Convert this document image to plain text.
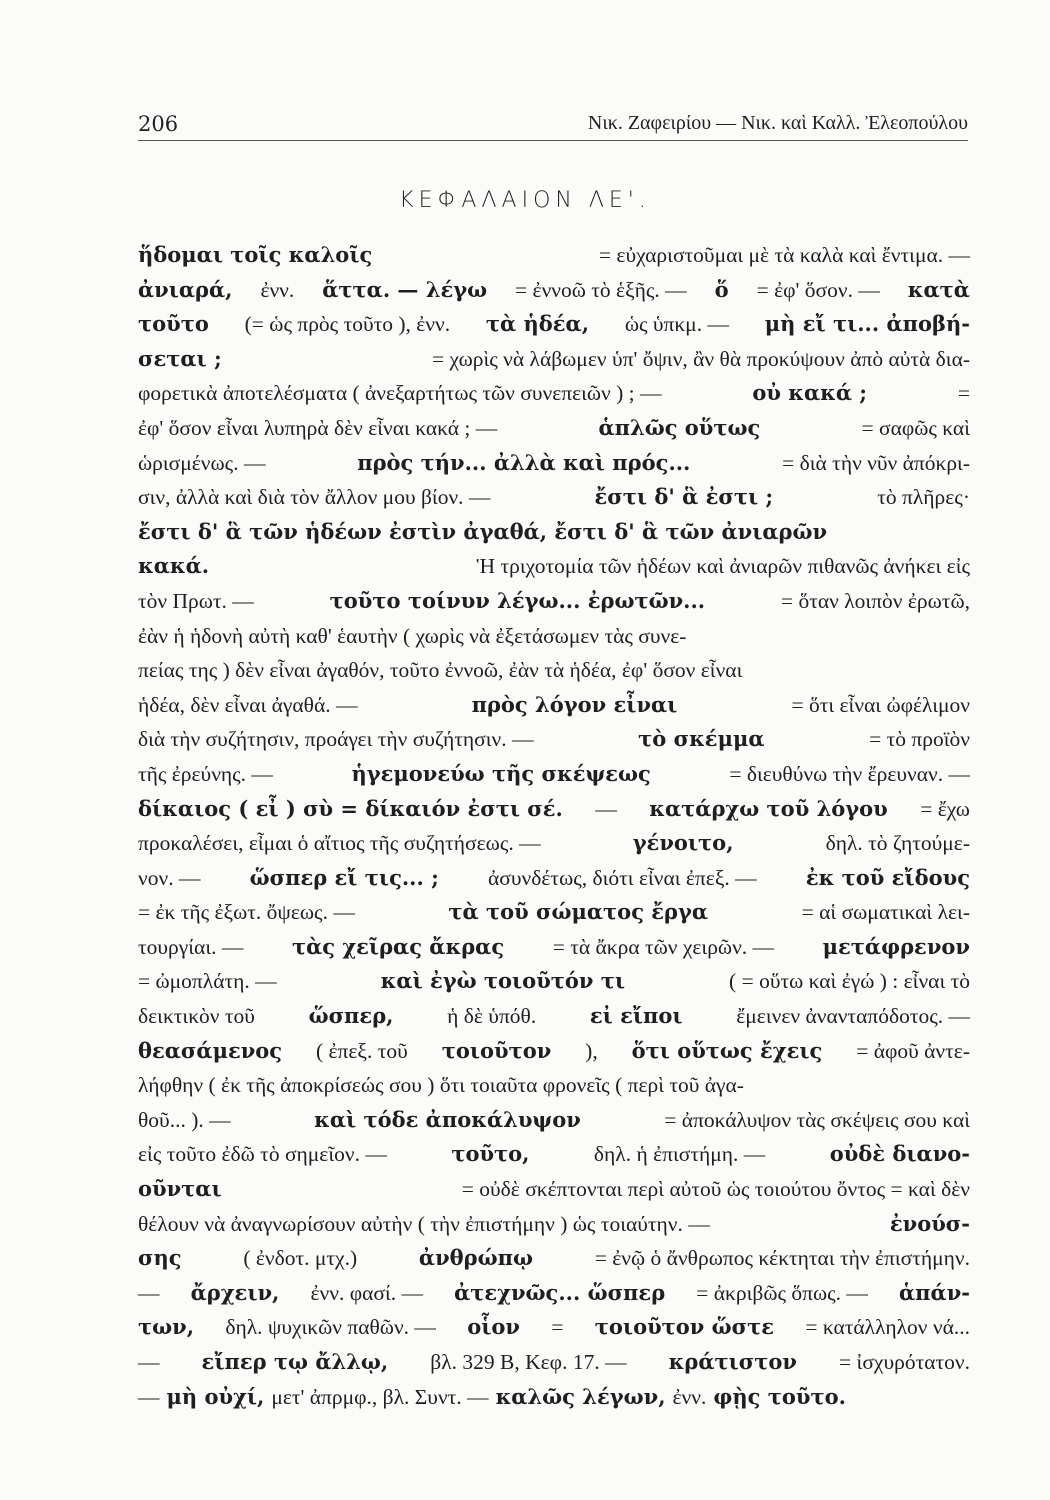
206	Νικ. Ζαφειρίου — Νικ. καὶ Καλλ. Ἐλεοπούλου
ΚΕΦΑΛΑΙΟΝ ΛΕ'.
ἥδομαι τοῖς καλοῖς	= εὐχαριστοῦμαι μὲ τὰ καλὰ καὶ ἔντιμα. —
ἀνιαρά, ἐνν. ἅττα. — λέγω = ἐννοῶ τὸ ἑξῆς. — ὅ = ἐφ' ὅσον. — κατὰ
τοῦτο (= ὡς πρὸς τοῦτο ), ἐνν. τὰ ἡδέα, ὡς ὑπκμ. — μὴ εἴ τι... ἀποβή-
σεται ;	= χωρὶς νὰ λάβωμεν ὑπ' ὄψιν, ἂν θὰ προκύψουν ἀπὸ αὐτὰ δια-
φορετικὰ ἀποτελέσματα ( ἀνεξαρτήτως τῶν συνεπειῶν ) ; —	οὐ κακά ;	=
ἐφ' ὅσον εἶναι λυπηρὰ δὲν εἶναι κακά ; —	ἁπλῶς οὕτως	= σαφῶς καὶ
ὡρισμένως. —	πρὸς τήν... ἀλλὰ καὶ πρός...	= διὰ τὴν νῦν ἀπόκρι-
σιν, ἀλλὰ καὶ διὰ τὸν ἄλλον μου βίον. —	ἔστι δ' ἃ ἐστι ;	τὸ πλῆρες·
ἔστι δ' ἃ τῶν ἡδέων ἐστὶν ἀγαθά, ἔστι δ' ἃ τῶν ἀνιαρῶν
κακά.	Ἡ τριχοτομία τῶν ἡδέων καὶ ἀνιαρῶν πιθανῶς ἀνήκει εἰς
τὸν Πρωτ. —	τοῦτο τοίνυν λέγω... ἐρωτῶν...	= ὅταν λοιπὸν ἐρωτῶ,
ἐὰν ἡ ἡδονὴ αὐτὴ καθ' ἑαυτὴν ( χωρὶς νὰ ἐξετάσωμεν τὰς συνε-
πείας της ) δὲν εἶναι ἀγαθόν, τοῦτο ἐννοῶ, ἐὰν τὰ ἡδέα, ἐφ' ὅσον εἶναι
ἡδέα, δὲν εἶναι ἀγαθά. —	πρὸς λόγον εἶναι	= ὅτι εἶναι ὠφέλιμον
διὰ τὴν συζήτησιν, προάγει τὴν συζήτησιν. —	τὸ σκέμμα	= τὸ προϊὸν
τῆς ἐρεύνης. —	ἡγεμονεύω τῆς σκέψεως	= διευθύνω τὴν ἔρευναν. —
δίκαιος ( εἶ ) σὺ = δίκαιόν ἐστι σέ. — κατάρχω τοῦ λόγου = ἔχω
προκαλέσει, εἶμαι ὁ αἴτιος τῆς συζητήσεως. —	γένοιτο,	δηλ. τὸ ζητούμε-
νον. — ὥσπερ εἴ τις... ; ἀσυνδέτως, διότι εἶναι ἐπεξ. — ἐκ τοῦ εἴδους
= ἐκ τῆς ἐξωτ. ὄψεως. —	τὰ τοῦ σώματος ἔργα	= αἱ σωματικαὶ λει-
τουργίαι. — τὰς χεῖρας ἄκρας = τὰ ἄκρα τῶν χειρῶν. — μετάφρενον
= ὠμοπλάτη. —	καὶ ἐγὼ τοιοῦτόν τι	( = οὕτω καὶ ἐγώ ) : εἶναι τὸ
δεικτικὸν τοῦ	ὥσπερ, ἡ δὲ ὑπόθ.	εἰ εἴποι ἔμεινεν ἀνανταπόδοτος. —
θεασάμενος ( ἐπεξ. τοῦ τοιοῦτον ), ὅτι οὕτως ἔχεις = ἀφοῦ ἀντε-
λήφθην ( ἐκ τῆς ἀποκρίσεώς σου ) ὅτι τοιαῦτα φρονεῖς ( περὶ τοῦ ἀγα-
θοῦ... ). —	καὶ τόδε ἀποκάλυψον	= ἀποκάλυψον τὰς σκέψεις σου καὶ
εἰς τοῦτο ἐδῶ τὸ σημεῖον. —	τοῦτο,	δηλ. ἡ ἐπιστήμη. —	οὐδὲ διανο-
οῦνται	= οὐδὲ σκέπτονται περὶ αὐτοῦ ὡς τοιούτου ὄντος = καὶ δὲν
θέλουν νὰ ἀναγνωρίσουν αὐτὴν ( τὴν ἐπιστήμην ) ὡς τοιαύτην. —	ἐνούσ-
σης	( ἐνδοτ. μτχ.)	ἀνθρώπῳ	= ἐνῷ ὁ ἄνθρωπος κέκτηται τὴν ἐπιστήμην.
— ἄρχειν, ἐνν. φασί. — ἀτεχνῶς... ὥσπερ = ἀκριβῶς ὅπως. — ἁπάν-
των, δηλ. ψυχικῶν παθῶν. — οἷον = τοιοῦτον ὥστε = κατάλληλον νά...
— εἴπερ τῳ ἄλλῳ, βλ. 329 B, Κεφ. 17. — κράτιστον = ἰσχυρότατον.
— μὴ οὐχί, μετ' ἀπρμφ., βλ. Συντ. — καλῶς λέγων, ἐνν. φῂς τοῦτο.
